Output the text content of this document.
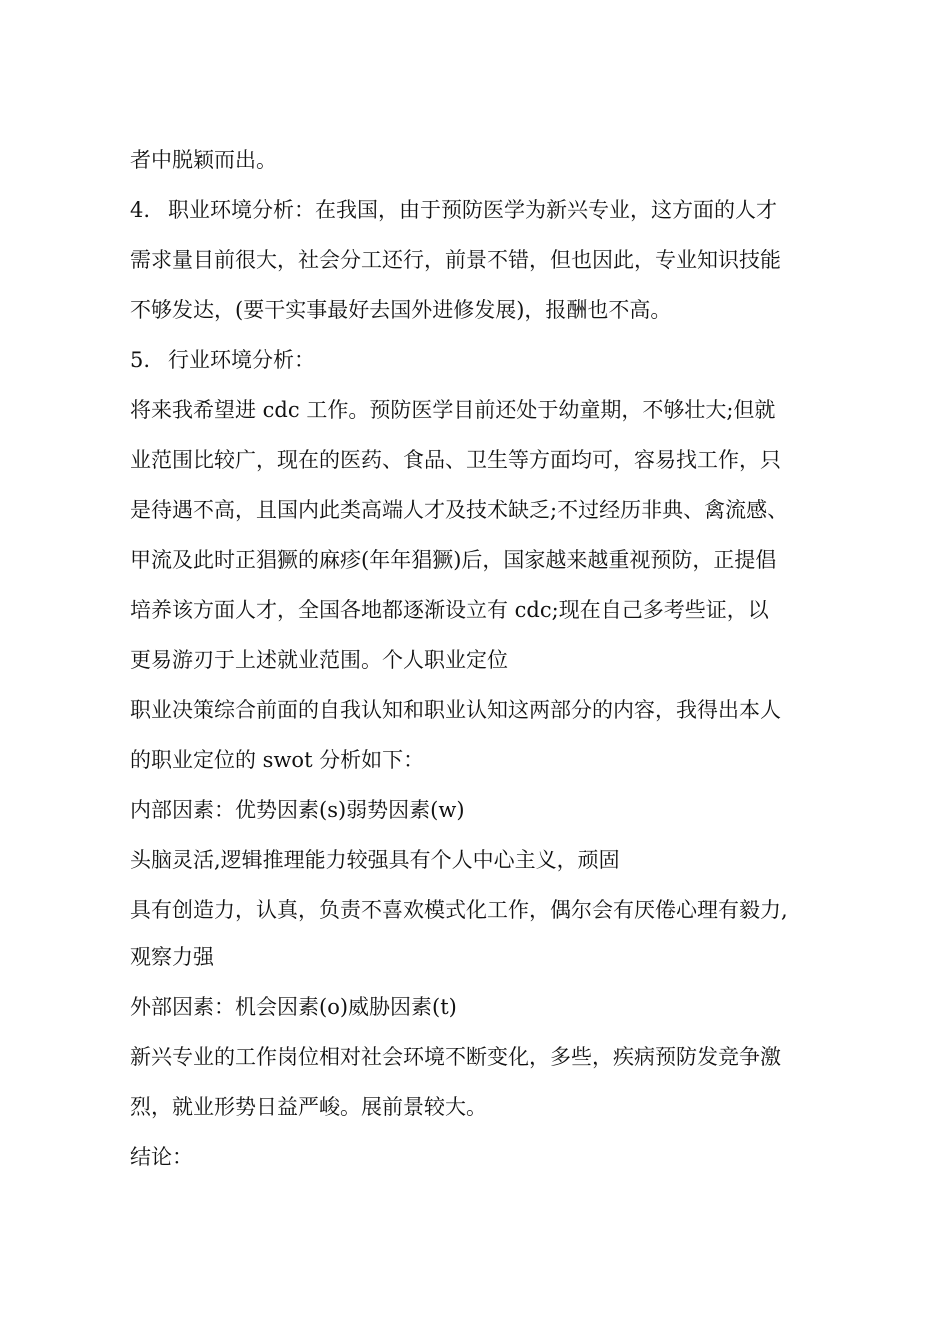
者中脱颖而出。
4. 职业环境分析：在我国，由于预防医学为新兴专业，这方面的人才
需求量目前很大，社会分工还行，前景不错，但也因此，专业知识技能
不够发达，(要干实事最好去国外进修发展)，报酬也不高。
5. 行业环境分析：
将来我希望进 cdc 工作。预防医学目前还处于幼童期，不够壮大;但就
业范围比较广，现在的医药、食品、卫生等方面均可，容易找工作，只
是待遇不高，且国内此类高端人才及技术缺乏;不过经历非典、禽流感、
甲流及此时正猖獗的麻疹(年年猖獗)后，国家越来越重视预防，正提倡
培养该方面人才，全国各地都逐渐设立有 cdc;现在自己多考些证，以
更易游刃于上述就业范围。个人职业定位
职业决策综合前面的自我认知和职业认知这两部分的内容，我得出本人
的职业定位的 swot 分析如下：
内部因素：优势因素(s)弱势因素(w)
头脑灵活,逻辑推理能力较强具有个人中心主义，顽固
具有创造力，认真，负责不喜欢模式化工作，偶尔会有厌倦心理有毅力,
观察力强
外部因素：机会因素(o)威胁因素(t)
新兴专业的工作岗位相对社会环境不断变化，多些，疾病预防发竞争激
烈，就业形势日益严峻。展前景较大。
结论：
